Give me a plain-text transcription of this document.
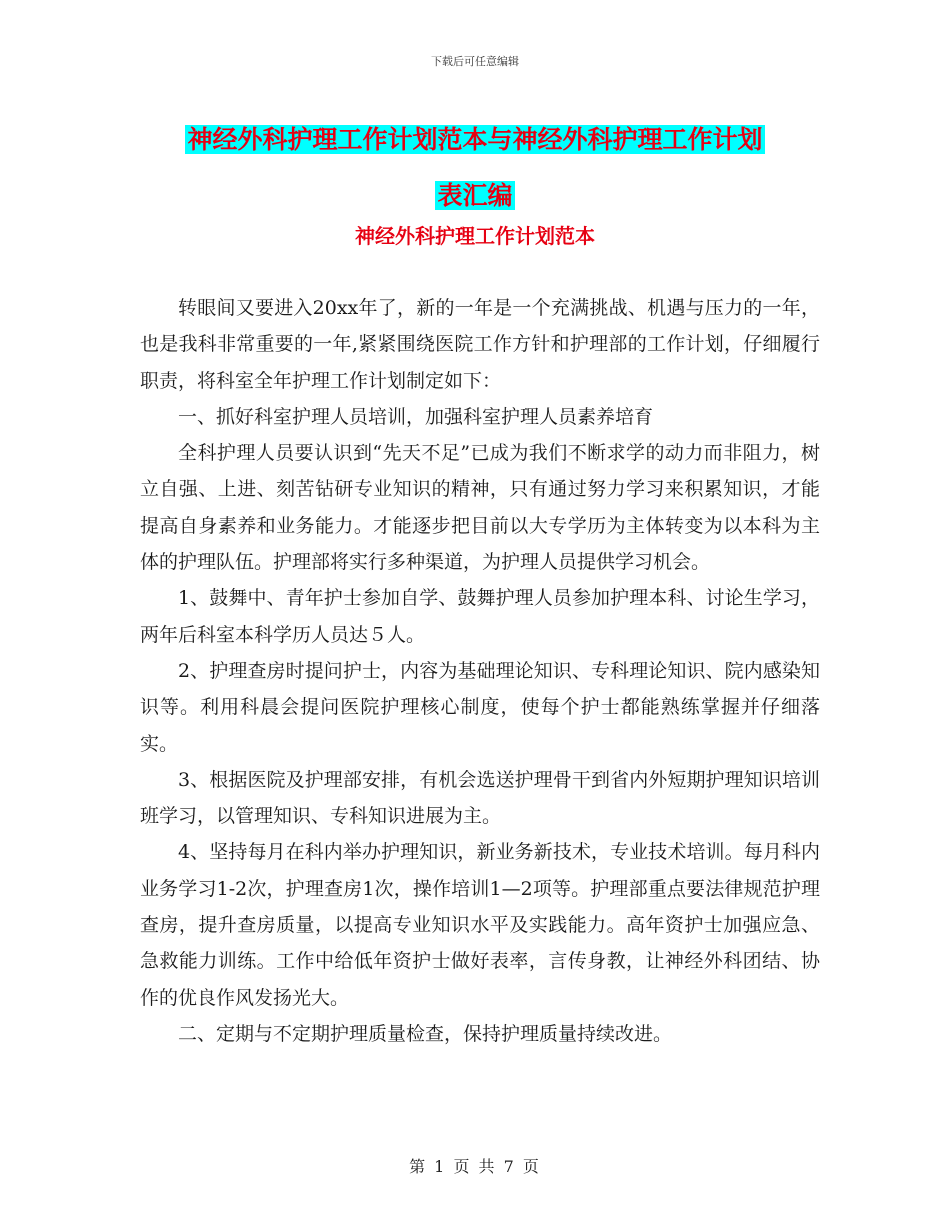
下载后可任意编辑
神经外科护理工作计划范本与神经外科护理工作计划
表汇编
神经外科护理工作计划范本

转眼间又要进入20xx年了，新的一年是一个充满挑战、机遇与压力的一年，也是我科非常重要的一年,紧紧围绕医院工作方针和护理部的工作计划，仔细履行职责，将科室全年护理工作计划制定如下：

一、抓好科室护理人员培训，加强科室护理人员素养培育

全科护理人员要认识到“先天不足”已成为我们不断求学的动力而非阻力，树立自强、上进、刻苦钻研专业知识的精神，只有通过努力学习来积累知识，才能提高自身素养和业务能力。才能逐步把目前以大专学历为主体转变为以本科为主体的护理队伍。护理部将实行多种渠道，为护理人员提供学习机会。

1、鼓舞中、青年护士参加自学、鼓舞护理人员参加护理本科、讨论生学习，两年后科室本科学历人员达５人。

2、护理查房时提问护士，内容为基础理论知识、专科理论知识、院内感染知识等。利用科晨会提问医院护理核心制度，使每个护士都能熟练掌握并仔细落实。

3、根据医院及护理部安排，有机会选送护理骨干到省内外短期护理知识培训班学习，以管理知识、专科知识进展为主。

4、坚持每月在科内举办护理知识，新业务新技术，专业技术培训。每月科内业务学习1-2次，护理查房1次，操作培训1—2项等。护理部重点要法律规范护理查房，提升查房质量，以提高专业知识水平及实践能力。高年资护士加强应急、急救能力训练。工作中给低年资护士做好表率，言传身教，让神经外科团结、协作的优良作风发扬光大。

二、定期与不定期护理质量检查，保持护理质量持续改进。

第 1 页 共 7 页
